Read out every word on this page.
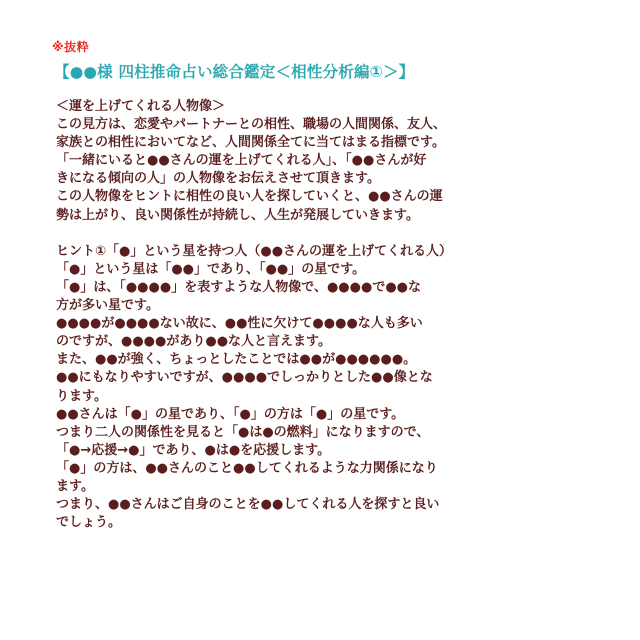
※抜粋
【●●様 四柱推命占い総合鑑定＜相性分析編①＞】
＜運を上げてくれる人物像＞
この見方は、恋愛やパートナーとの相性、職場の人間関係、友人、
家族との相性においてなど、人間関係全てに当てはまる指標です。
「一緒にいると●●さんの運を上げてくれる人」、「●●さんが好
きになる傾向の人」の人物像をお伝えさせて頂きます。
この人物像をヒントに相性の良い人を探していくと、●●さんの運
勢は上がり、良い関係性が持続し、人生が発展していきます。
ヒント①「●」という星を持つ人（●●さんの運を上げてくれる人）
「●」という星は「●●」であり、「●●」の星です。
「●」は、「●●●●」を表すような人物像で、●●●●で●●な
方が多い星です。
●●●●が●●●●ない故に、●●性に欠けて●●●●な人も多い
のですが、●●●●があり●●な人と言えます。
また、●●が強く、ちょっとしたことでは●●が●●●●●●。
●●にもなりやすいですが、●●●●でしっかりとした●●像とな
ります。
●●さんは「●」の星であり、「●」の方は「●」の星です。
つまり二人の関係性を見ると「●は●の燃料」になりますので、
「●→応援→●」であり、●は●を応援します。
「●」の方は、●●さんのこと●●してくれるような力関係になり
ます。
つまり、●●さんはご自身のことを●●してくれる人を探すと良い
でしょう。
